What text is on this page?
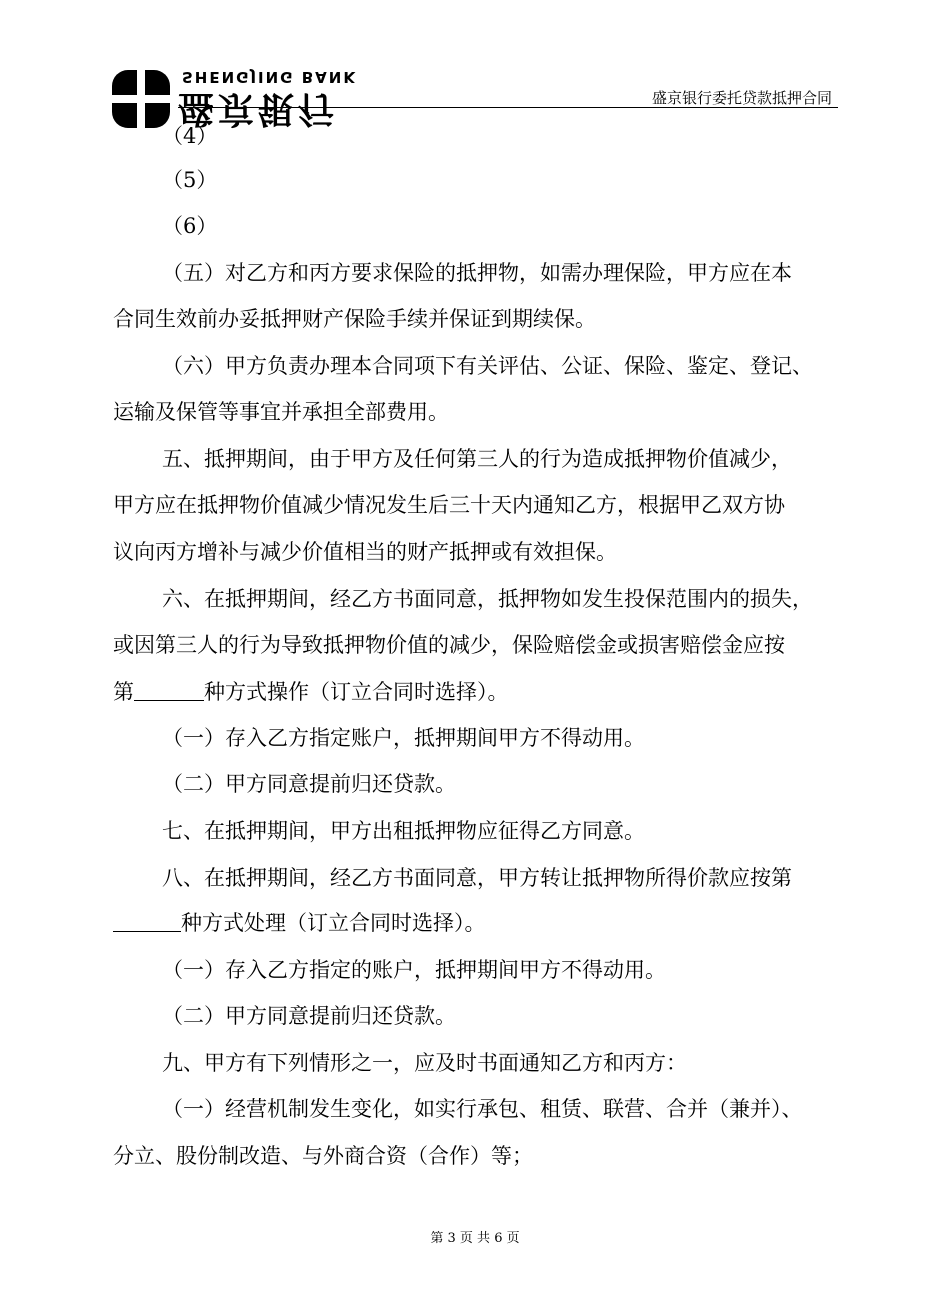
SHENGJING BANK
盛京银行	盛京银行委托贷款抵押合同
（4）
（5）
（6）
（五）对乙方和丙方要求保险的抵押物，如需办理保险，甲方应在本
合同生效前办妥抵押财产保险手续并保证到期续保。
（六）甲方负责办理本合同项下有关评估、公证、保险、鉴定、登记、
运输及保管等事宜并承担全部费用。
五、抵押期间，由于甲方及任何第三人的行为造成抵押物价值减少，
甲方应在抵押物价值减少情况发生后三十天内通知乙方，根据甲乙双方协
议向丙方增补与减少价值相当的财产抵押或有效担保。
六、在抵押期间，经乙方书面同意，抵押物如发生投保范围内的损失，
或因第三人的行为导致抵押物价值的减少，保险赔偿金或损害赔偿金应按
第	种方式操作（订立合同时选择）。
（一）存入乙方指定账户，抵押期间甲方不得动用。
（二）甲方同意提前归还贷款。
七、在抵押期间，甲方出租抵押物应征得乙方同意。
八、在抵押期间，经乙方书面同意，甲方转让抵押物所得价款应按第
种方式处理（订立合同时选择）。
（一）存入乙方指定的账户，抵押期间甲方不得动用。
（二）甲方同意提前归还贷款。
九、甲方有下列情形之一，应及时书面通知乙方和丙方：
（一）经营机制发生变化，如实行承包、租赁、联营、合并（兼并）、
分立、股份制改造、与外商合资（合作）等；
第 3 页 共 6 页
